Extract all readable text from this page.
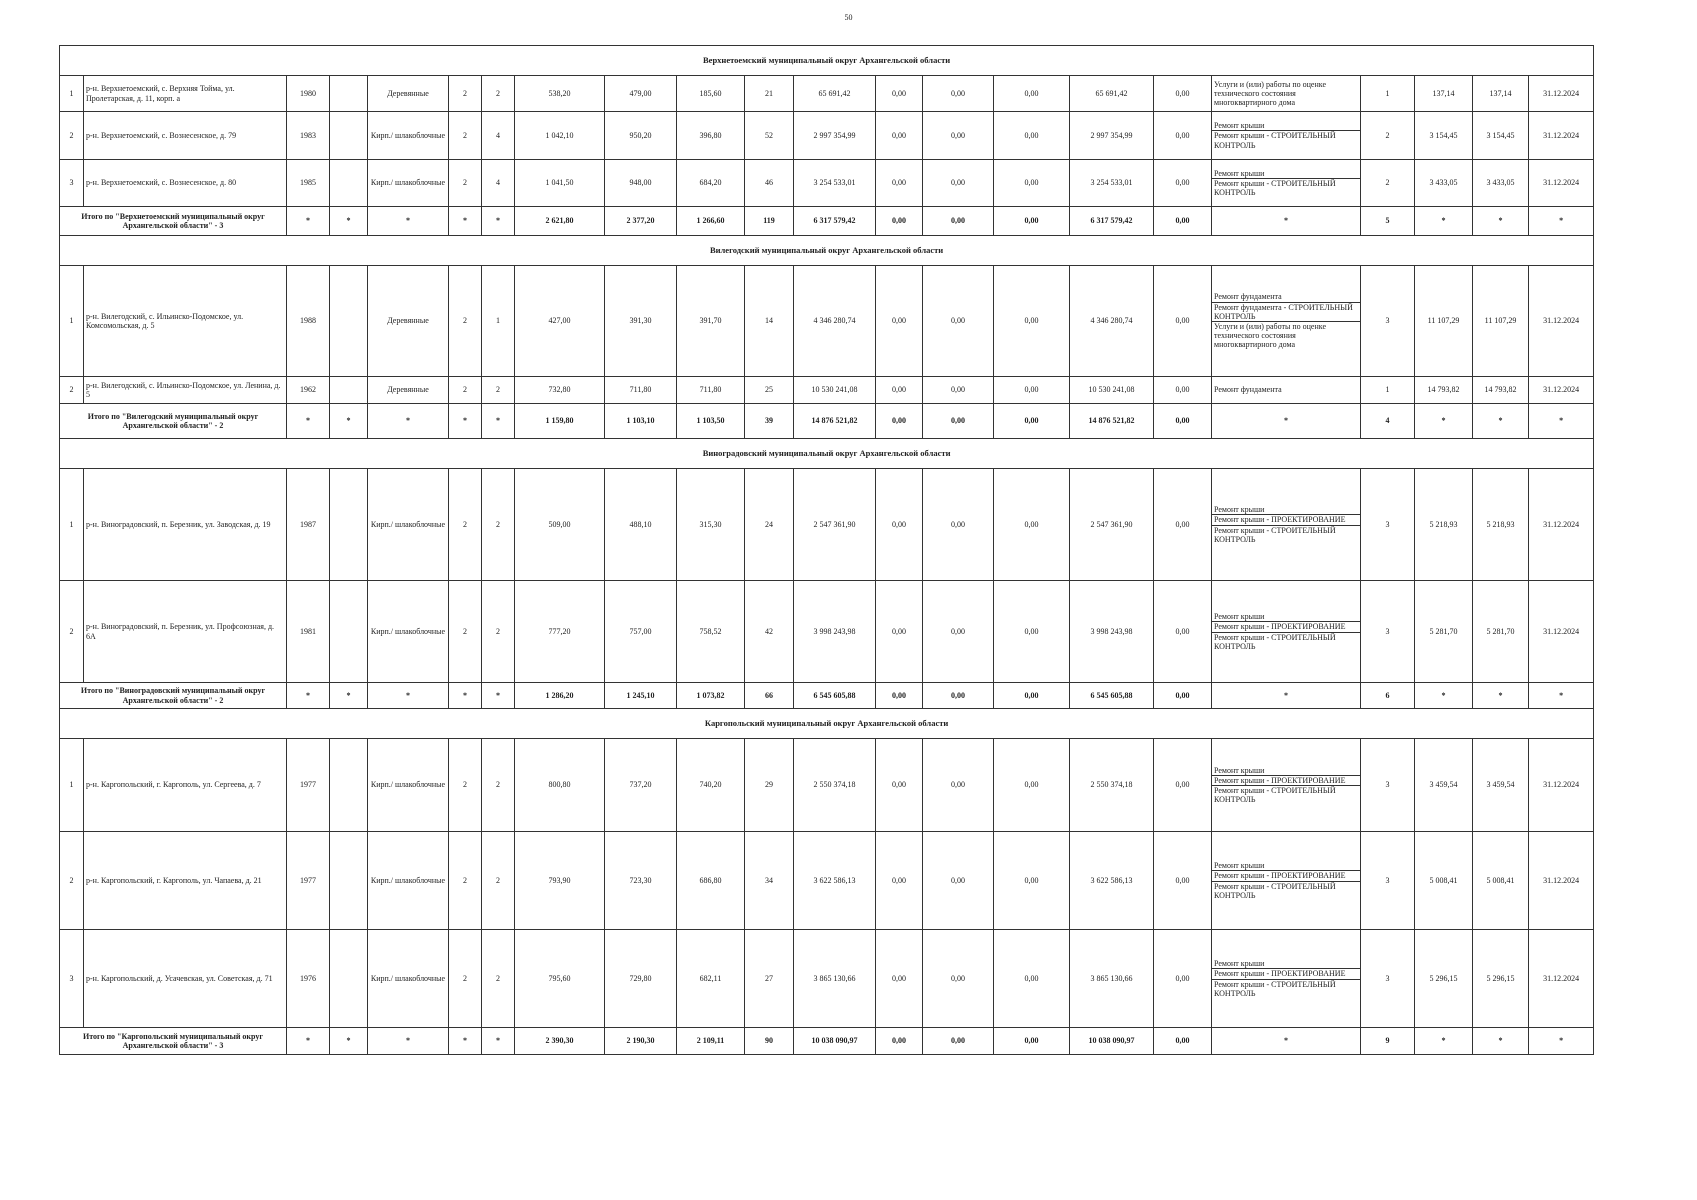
50
Верхнетоемский муниципальный округ Архангельской области																					
1	р-н. Верхнетоемский, с. Верхняя Тойма, ул. Пролетарская, д. 11, корп. а	1980		Деревянные	2	2	538,20	479,00	185,60	21	65 691,42	0,00	0,00	0,00	65 691,42	0,00	Услуги и (или) работы по оценке технического состояния многоквартирного дома	1	137,14	137,14	31.12.2024
2	р-н. Верхнетоемский, с. Вознесенское, д. 79	1983		Кирп./ шлакоблочные	2	4	1 042,10	950,20	396,80	52	2 997 354,99	0,00	0,00	0,00	2 997 354,99	0,00	Ремонт крыши
Ремонт крыши - СТРОИТЕЛЬНЫЙ КОНТРОЛЬ	2	3 154,45	3 154,45	31.12.2024
3	р-н. Верхнетоемский, с. Вознесенское, д. 80	1985		Кирп./ шлакоблочные	2	4	1 041,50	948,00	684,20	46	3 254 533,01	0,00	0,00	0,00	3 254 533,01	0,00	Ремонт крыши
Ремонт крыши - СТРОИТЕЛЬНЫЙ КОНТРОЛЬ	2	3 433,05	3 433,05	31.12.2024
Итого по "Верхнетоемский муниципальный округ Архангельской области" - 3		*	*	*	*	*	2 621,80	2 377,20	1 266,60	119	6 317 579,42	0,00	0,00	0,00	6 317 579,42	0,00	*	5	*	*	*
Вилегодский муниципальный округ Архангельской области																					
1	р-н. Вилегодский, с. Ильинско-Подомское, ул. Комсомольская, д. 5	1988		Деревянные	2	1	427,00	391,30	391,70	14	4 346 280,74	0,00	0,00	0,00	4 346 280,74	0,00	Ремонт фундамента
Ремонт фундамента - СТРОИТЕЛЬНЫЙ КОНТРОЛЬ
Услуги и (или) работы по оценке технического состояния многоквартирного дома	3	11 107,29	11 107,29	31.12.2024
2	р-н. Вилегодский, с. Ильинско-Подомское, ул. Ленина, д. 5	1962		Деревянные	2	2	732,80	711,80	711,80	25	10 530 241,08	0,00	0,00	0,00	10 530 241,08	0,00	Ремонт фундамента	1	14 793,82	14 793,82	31.12.2024
Итого по "Вилегодский муниципальный округ Архангельской области" - 2		*	*	*	*	*	1 159,80	1 103,10	1 103,50	39	14 876 521,82	0,00	0,00	0,00	14 876 521,82	0,00	*	4	*	*	*
Виноградовский муниципальный округ Архангельской области																					
1	р-н. Виноградовский, п. Березник, ул. Заводская, д. 19	1987		Кирп./ шлакоблочные	2	2	509,00	488,10	315,30	24	2 547 361,90	0,00	0,00	0,00	2 547 361,90	0,00	Ремонт крыши
Ремонт крыши - ПРОЕКТИРОВАНИЕ
Ремонт крыши - СТРОИТЕЛЬНЫЙ КОНТРОЛЬ	3	5 218,93	5 218,93	31.12.2024
2	р-н. Виноградовский, п. Березник, ул. Профсоюзная, д. 6А	1981		Кирп./ шлакоблочные	2	2	777,20	757,00	758,52	42	3 998 243,98	0,00	0,00	0,00	3 998 243,98	0,00	Ремонт крыши
Ремонт крыши - ПРОЕКТИРОВАНИЕ
Ремонт крыши - СТРОИТЕЛЬНЫЙ КОНТРОЛЬ	3	5 281,70	5 281,70	31.12.2024
Итого по "Виноградовский муниципальный округ Архангельской области" - 2		*	*	*	*	*	1 286,20	1 245,10	1 073,82	66	6 545 605,88	0,00	0,00	0,00	6 545 605,88	0,00	*	6	*	*	*
Каргопольский муниципальный округ Архангельской области																					
1	р-н. Каргопольский, г. Каргополь, ул. Сергеева, д. 7	1977		Кирп./ шлакоблочные	2	2	800,80	737,20	740,20	29	2 550 374,18	0,00	0,00	0,00	2 550 374,18	0,00	Ремонт крыши
Ремонт крыши - ПРОЕКТИРОВАНИЕ
Ремонт крыши - СТРОИТЕЛЬНЫЙ КОНТРОЛЬ	3	3 459,54	3 459,54	31.12.2024
2	р-н. Каргопольский, г. Каргополь, ул. Чапаева, д. 21	1977		Кирп./ шлакоблочные	2	2	793,90	723,30	686,80	34	3 622 586,13	0,00	0,00	0,00	3 622 586,13	0,00	Ремонт крыши
Ремонт крыши - ПРОЕКТИРОВАНИЕ
Ремонт крыши - СТРОИТЕЛЬНЫЙ КОНТРОЛЬ	3	5 008,41	5 008,41	31.12.2024
3	р-н. Каргопольский, д. Усачевская, ул. Советская, д. 71	1976		Кирп./ шлакоблочные	2	2	795,60	729,80	682,11	27	3 865 130,66	0,00	0,00	0,00	3 865 130,66	0,00	Ремонт крыши
Ремонт крыши - ПРОЕКТИРОВАНИЕ
Ремонт крыши - СТРОИТЕЛЬНЫЙ КОНТРОЛЬ	3	5 296,15	5 296,15	31.12.2024
Итого по "Каргопольский муниципальный округ Архангельской области" - 3		*	*	*	*	*	2 390,30	2 190,30	2 109,11	90	10 038 090,97	0,00	0,00	0,00	10 038 090,97	0,00	*	9	*	*	*
